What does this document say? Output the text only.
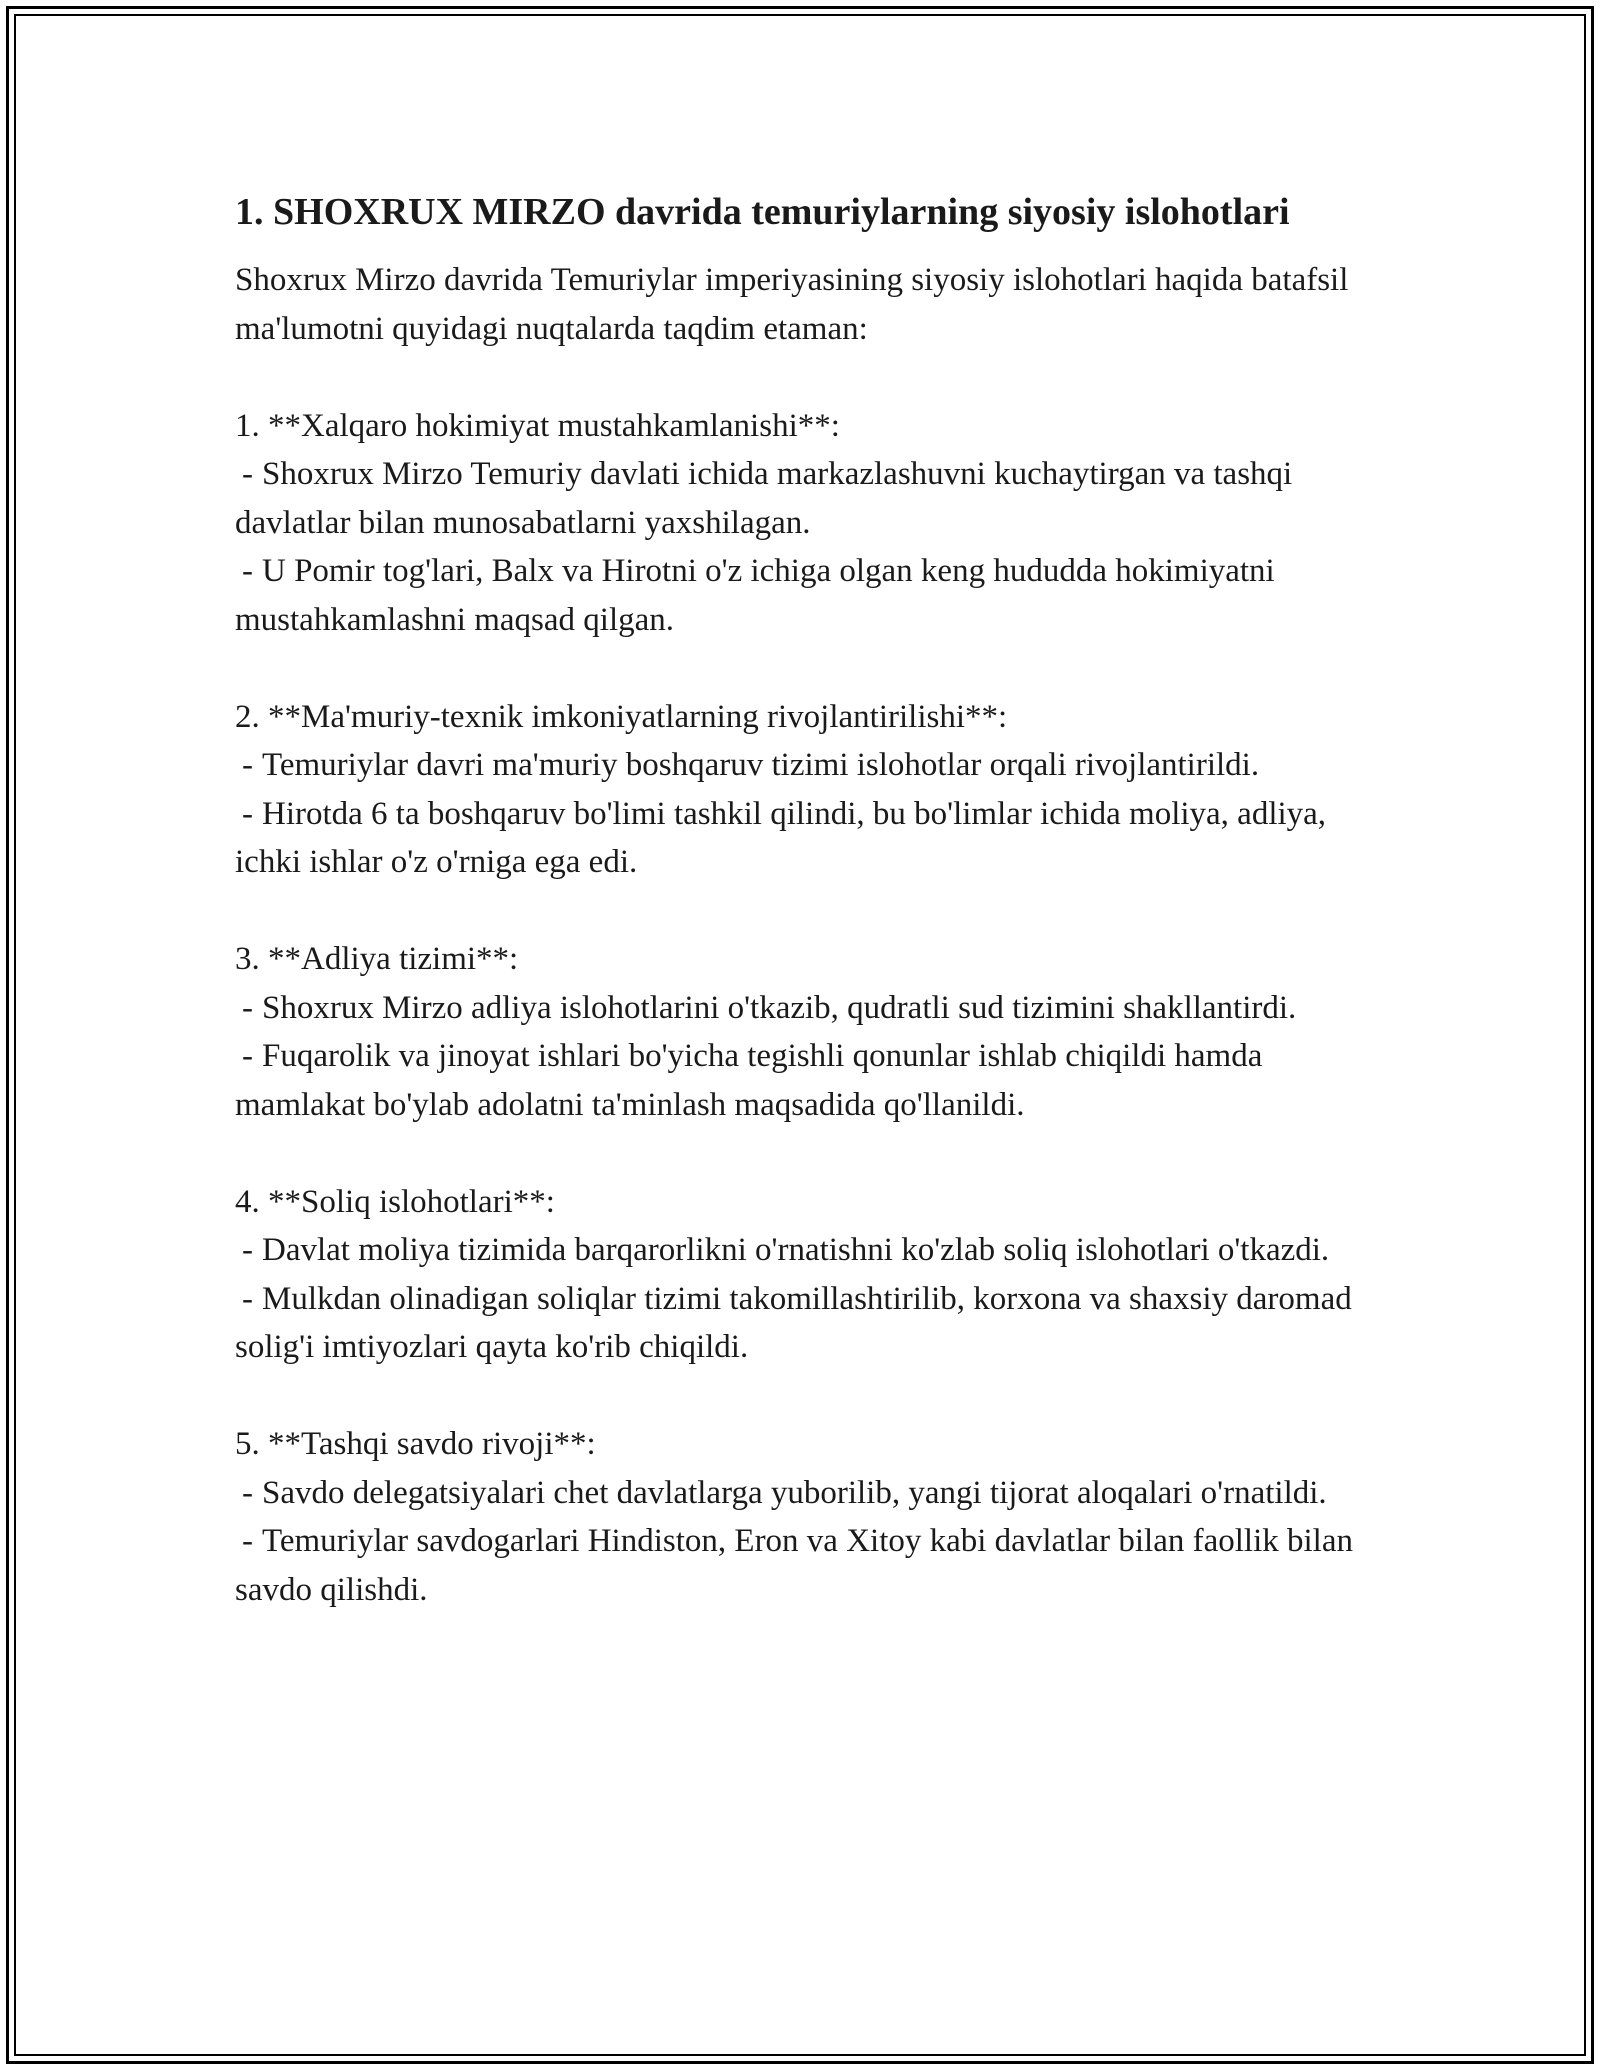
1. SHOXRUX MIRZO davrida temuriylarning siyosiy islohotlari

Shoxrux Mirzo davrida Temuriylar imperiyasining siyosiy islohotlari haqida batafsil ma'lumotni quyidagi nuqtalarda taqdim etaman:

1. **Xalqaro hokimiyat mustahkamlanishi**:

- Shoxrux Mirzo Temuriy davlati ichida markazlashuvni kuchaytirgan va tashqi davlatlar bilan munosabatlarni yaxshilagan.

- U Pomir tog'lari, Balx va Hirotni o'z ichiga olgan keng hududda hokimiyatni mustahkamlashni maqsad qilgan.

2. **Ma'muriy-texnik imkoniyatlarning rivojlantirilishi**:

- Temuriylar davri ma'muriy boshqaruv tizimi islohotlar orqali rivojlantirildi.

- Hirotda 6 ta boshqaruv bo'limi tashkil qilindi, bu bo'limlar ichida moliya, adliya, ichki ishlar o'z o'rniga ega edi.

3. **Adliya tizimi**:

- Shoxrux Mirzo adliya islohotlarini o'tkazib, qudratli sud tizimini shakllantirdi.

- Fuqarolik va jinoyat ishlari bo'yicha tegishli qonunlar ishlab chiqildi hamda mamlakat bo'ylab adolatni ta'minlash maqsadida qo'llanildi.

4. **Soliq islohotlari**:

- Davlat moliya tizimida barqarorlikni o'rnatishni ko'zlab soliq islohotlari o'tkazdi.

- Mulkdan olinadigan soliqlar tizimi takomillashtirilib, korxona va shaxsiy daromad solig'i imtiyozlari qayta ko'rib chiqildi.

5. **Tashqi savdo rivoji**:

- Savdo delegatsiyalari chet davlatlarga yuborilib, yangi tijorat aloqalari o'rnatildi.

- Temuriylar savdogarlari Hindiston, Eron va Xitoy kabi davlatlar bilan faollik bilan savdo qilishdi.
